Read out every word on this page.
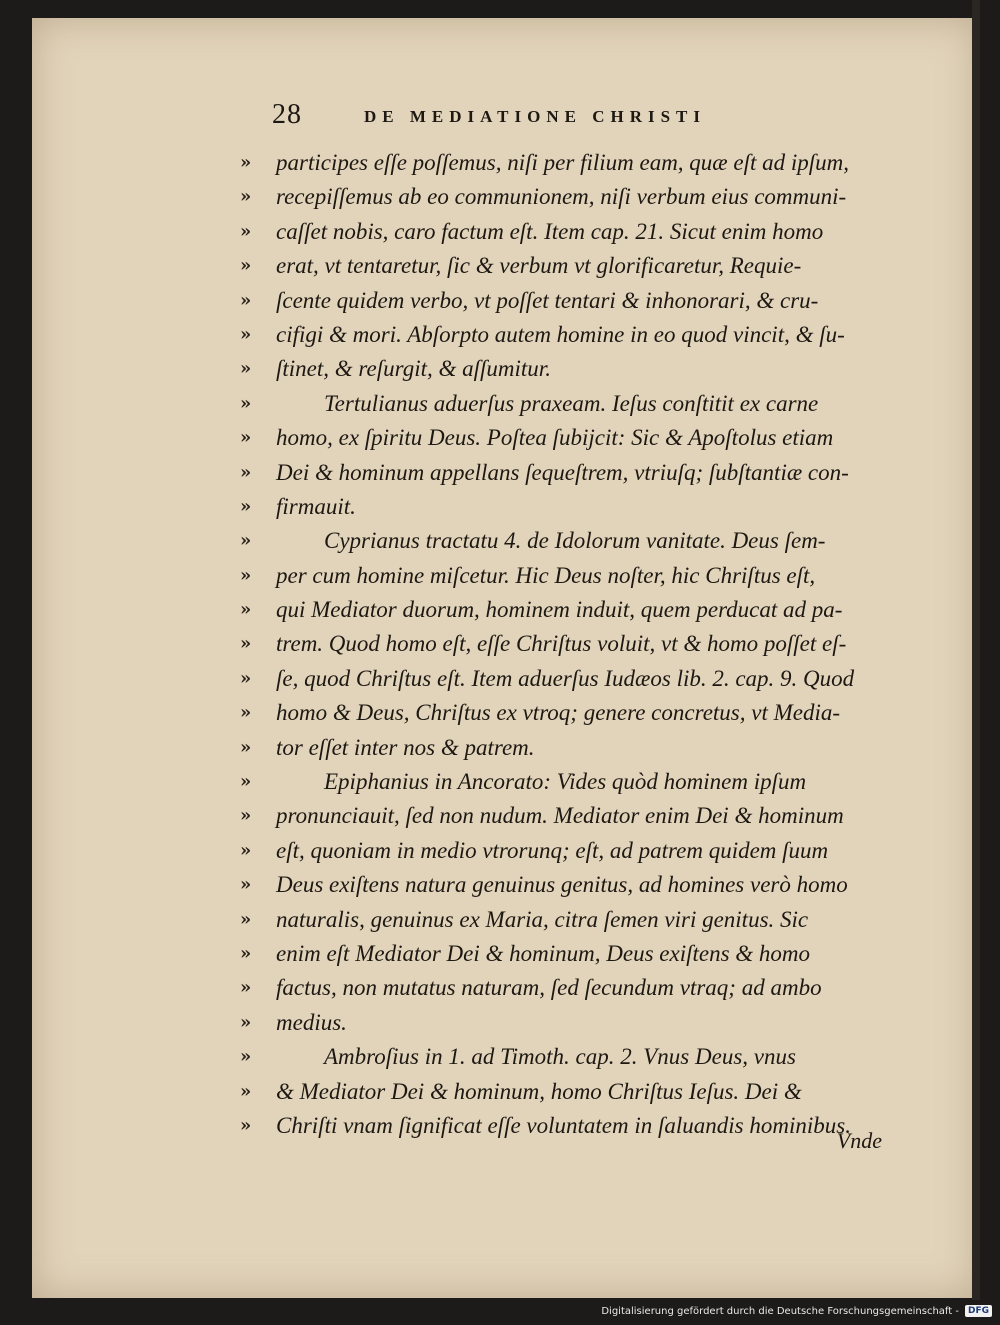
28	DE MEDIATIONE CHRISTI
»	participes eſſe poſſemus, niſi per filium eam, quæ eſt ad ipſum,
»	recepiſſemus ab eo communionem, niſi verbum eius communi-
»	caſſet nobis, caro factum eſt. Item cap. 21. Sicut enim homo
»	erat, vt tentaretur, ſic & verbum vt glorificaretur, Requie-
»	ſcente quidem verbo, vt poſſet tentari & inhonorari, & cru-
»	cifigi & mori. Abſorpto autem homine in eo quod vincit, & ſu-
»	ſtinet, & reſurgit, & aſſumitur.
»	Tertulianus aduerſus praxeam. Ieſus conſtitit ex carne
»	homo, ex ſpiritu Deus. Poſtea ſubijcit: Sic & Apoſtolus etiam
»	Dei & hominum appellans ſequeſtrem, vtriuſq; ſubſtantiæ con-
»	firmauit.
»	Cyprianus tractatu 4. de Idolorum vanitate. Deus ſem-
»	per cum homine miſcetur. Hic Deus noſter, hic Chriſtus eſt,
»	qui Mediator duorum, hominem induit, quem perducat ad pa-
»	trem. Quod homo eſt, eſſe Chriſtus voluit, vt & homo poſſet eſ-
»	ſe, quod Chriſtus eſt. Item aduerſus Iudæos lib. 2. cap. 9. Quod
»	homo & Deus, Chriſtus ex vtroq; genere concretus, vt Media-
»	tor eſſet inter nos & patrem.
»	Epiphanius in Ancorato: Vides quòd hominem ipſum
»	pronunciauit, ſed non nudum. Mediator enim Dei & hominum
»	eſt, quoniam in medio vtrorunq; eſt, ad patrem quidem ſuum
»	Deus exiſtens natura genuinus genitus, ad homines verò homo
»	naturalis, genuinus ex Maria, citra ſemen viri genitus. Sic
»	enim eſt Mediator Dei & hominum, Deus exiſtens & homo
»	factus, non mutatus naturam, ſed ſecundum vtraq; ad ambo
»	medius.
»	Ambroſius in 1. ad Timoth. cap. 2. Vnus Deus, vnus
»	& Mediator Dei & hominum, homo Chriſtus Ieſus. Dei &
»	Chriſti vnam ſignificat eſſe voluntatem in ſaluandis hominibus.
Vnde
Digitalisierung gefördert durch die Deutsche Forschungsgemeinschaft -	DFG
